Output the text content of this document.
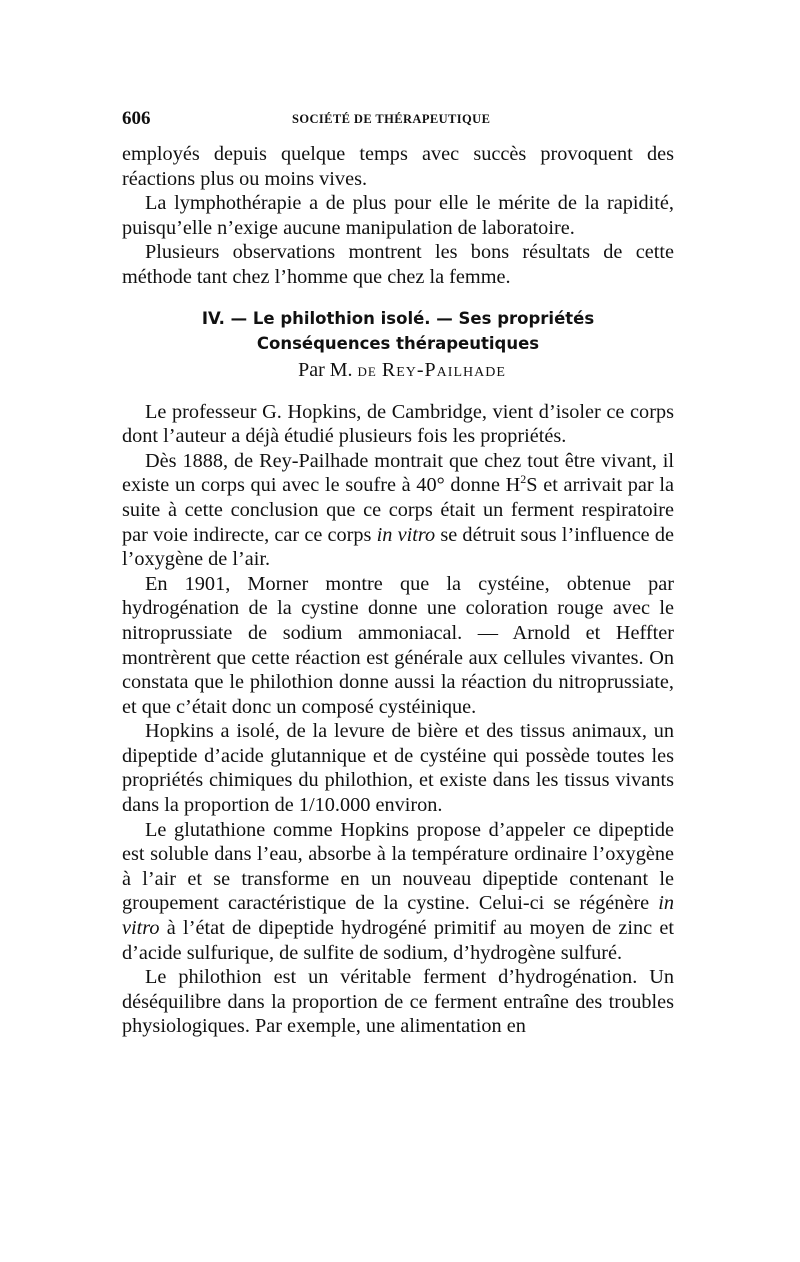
606	SOCIÉTÉ DE THÉRAPEUTIQUE

employés depuis quelque temps avec succès provoquent des réactions plus ou moins vives.

La lymphothérapie a de plus pour elle le mérite de la rapidité, puisqu’elle n’exige aucune manipulation de laboratoire.

Plusieurs observations montrent les bons résultats de cette méthode tant chez l’homme que chez la femme.

IV. — Le philothion isolé. — Ses propriétés
Conséquences thérapeutiques
Par M. DE Rey-Pailhade

Le professeur G. Hopkins, de Cambridge, vient d’isoler ce corps dont l’auteur a déjà étudié plusieurs fois les propriétés.

Dès 1888, de Rey-Pailhade montrait que chez tout être vivant, il existe un corps qui avec le soufre à 40° donne $H^2S$ et arrivait par la suite à cette conclusion que ce corps était un ferment respiratoire par voie indirecte, car ce corps in vitro se détruit sous l’influence de l’oxygène de l’air.

En 1901, Morner montre que la cystéine, obtenue par hydrogénation de la cystine donne une coloration rouge avec le nitroprussiate de sodium ammoniacal. — Arnold et Heffter montrèrent que cette réaction est générale aux cellules vivantes. On constata que le philothion donne aussi la réaction du nitroprussiate, et que c’était donc un composé cystéinique.

Hopkins a isolé, de la levure de bière et des tissus animaux, un dipeptide d’acide glutannique et de cystéine qui possède toutes les propriétés chimiques du philothion, et existe dans les tissus vivants dans la proportion de 1/10.000 environ.

Le glutathione comme Hopkins propose d’appeler ce dipeptide est soluble dans l’eau, absorbe à la température ordinaire l’oxygène à l’air et se transforme en un nouveau dipeptide contenant le groupement caractéristique de la cystine. Celui-ci se régénère in vitro à l’état de dipeptide hydrogéné primitif au moyen de zinc et d’acide sulfurique, de sulfite de sodium, d’hydrogène sulfuré.

Le philothion est un véritable ferment d’hydrogénation. Un déséquilibre dans la proportion de ce ferment entraîne des troubles physiologiques. Par exemple, une alimentation en
